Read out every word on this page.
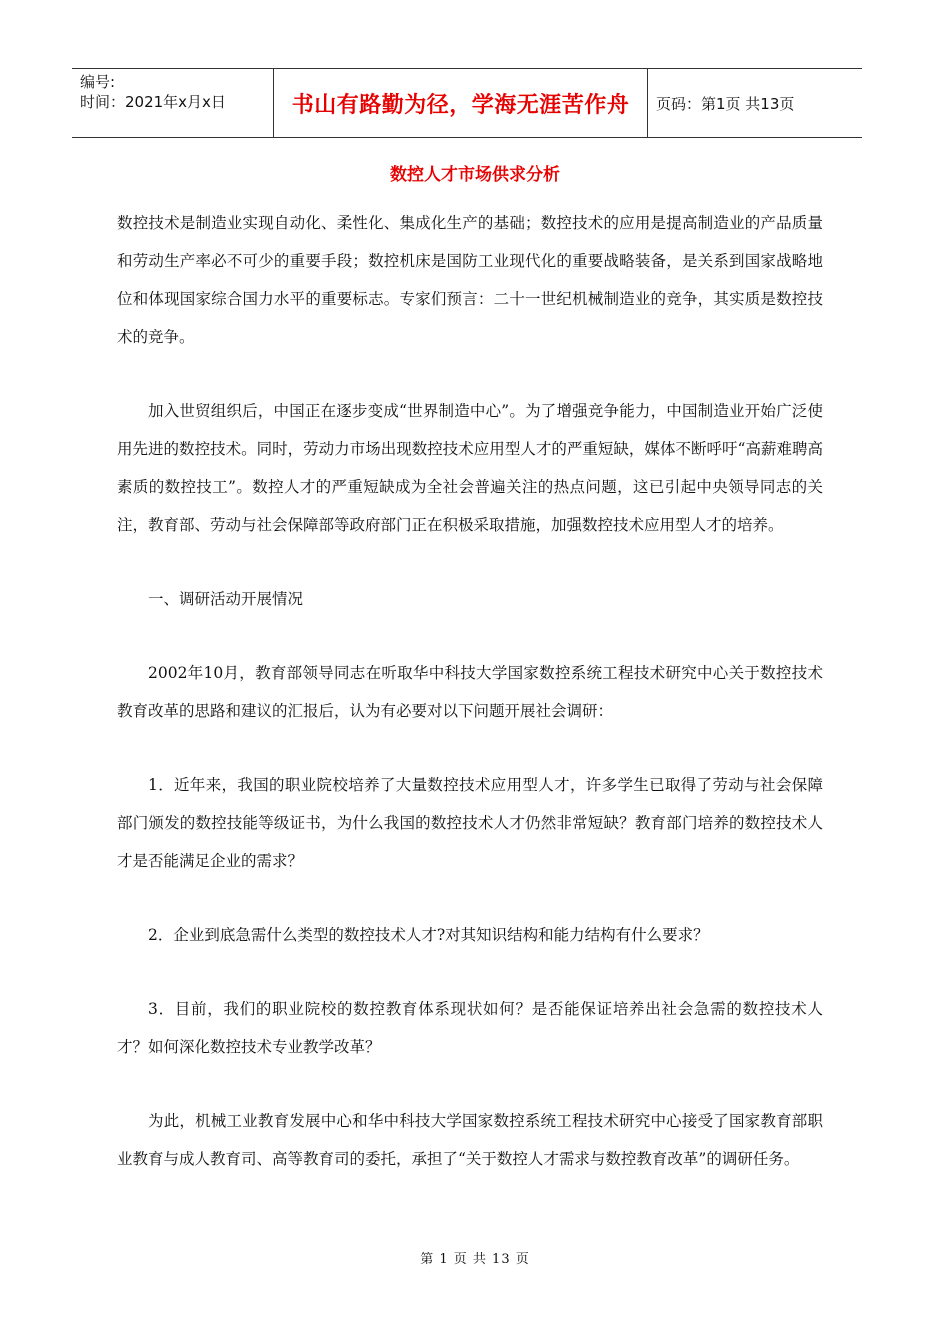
编号:
时间：2021年x月x日	书山有路勤为径，学海无涯苦作舟 页码：第1页 共13页
数控人才市场供求分析

数控技术是制造业实现自动化、柔性化、集成化生产的基础；数控技术的应用是提高制造业的产品质量和劳动生产率必不可少的重要手段；数控机床是国防工业现代化的重要战略装备，是关系到国家战略地位和体现国家综合国力水平的重要标志。专家们预言：二十一世纪机械制造业的竞争，其实质是数控技术的竞争。

加入世贸组织后，中国正在逐步变成“世界制造中心”。为了增强竞争能力，中国制造业开始广泛使用先进的数控技术。同时，劳动力市场出现数控技术应用型人才的严重短缺，媒体不断呼吁“高薪难聘高素质的数控技工”。数控人才的严重短缺成为全社会普遍关注的热点问题，这已引起中央领导同志的关注，教育部、劳动与社会保障部等政府部门正在积极采取措施，加强数控技术应用型人才的培养。

一、调研活动开展情况

2002年10月，教育部领导同志在听取华中科技大学国家数控系统工程技术研究中心关于数控技术教育改革的思路和建议的汇报后，认为有必要对以下问题开展社会调研：

1．近年来，我国的职业院校培养了大量数控技术应用型人才，许多学生已取得了劳动与社会保障部门颁发的数控技能等级证书，为什么我国的数控技术人才仍然非常短缺？教育部门培养的数控技术人才是否能满足企业的需求？

2．企业到底急需什么类型的数控技术人才?对其知识结构和能力结构有什么要求？

3．目前，我们的职业院校的数控教育体系现状如何？是否能保证培养出社会急需的数控技术人才？如何深化数控技术专业教学改革？

为此，机械工业教育发展中心和华中科技大学国家数控系统工程技术研究中心接受了国家教育部职业教育与成人教育司、高等教育司的委托，承担了“关于数控人才需求与数控教育改革”的调研任务。

第 1 页 共 13 页
